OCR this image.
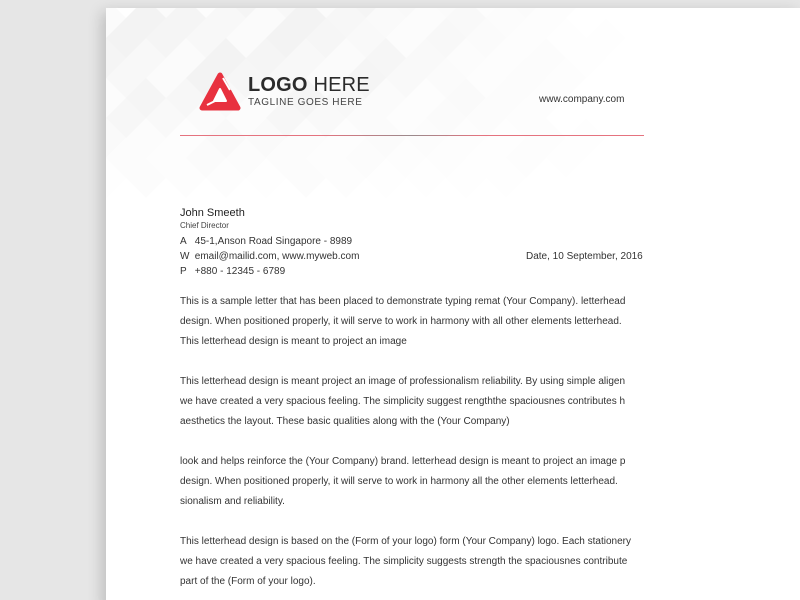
LOGO HERE
TAGLINE GOES HERE	www.company.com
John Smeeth
Chief Director
A 45-1,Anson Road Singapore - 8989
W email@mailid.com, www.myweb.com
P +880 - 12345 - 6789
Date, 10 September, 2016
This is a sample letter that has been placed to demonstrate typing remat (Your Company). letterhead
design. When positioned properly, it will serve to work in harmony with all other elements letterhead.
This letterhead design is meant to project an image
This letterhead design is meant project an image of professionalism reliability. By using simple aligen
we have created a very spacious feeling. The simplicity suggest rengththe spaciousnes contributes h
aesthetics the layout. These basic qualities along with the (Your Company)
look and helps reinforce the (Your Company) brand. letterhead design is meant to project an image p
design. When positioned properly, it will serve to work in harmony all the other elements letterhead.
sionalism and reliability.
This letterhead design is based on the (Form of your logo) form (Your Company) logo. Each stationery
we have created a very spacious feeling. The simplicity suggests strength the spaciousnes contribute
part of the (Form of your logo).
